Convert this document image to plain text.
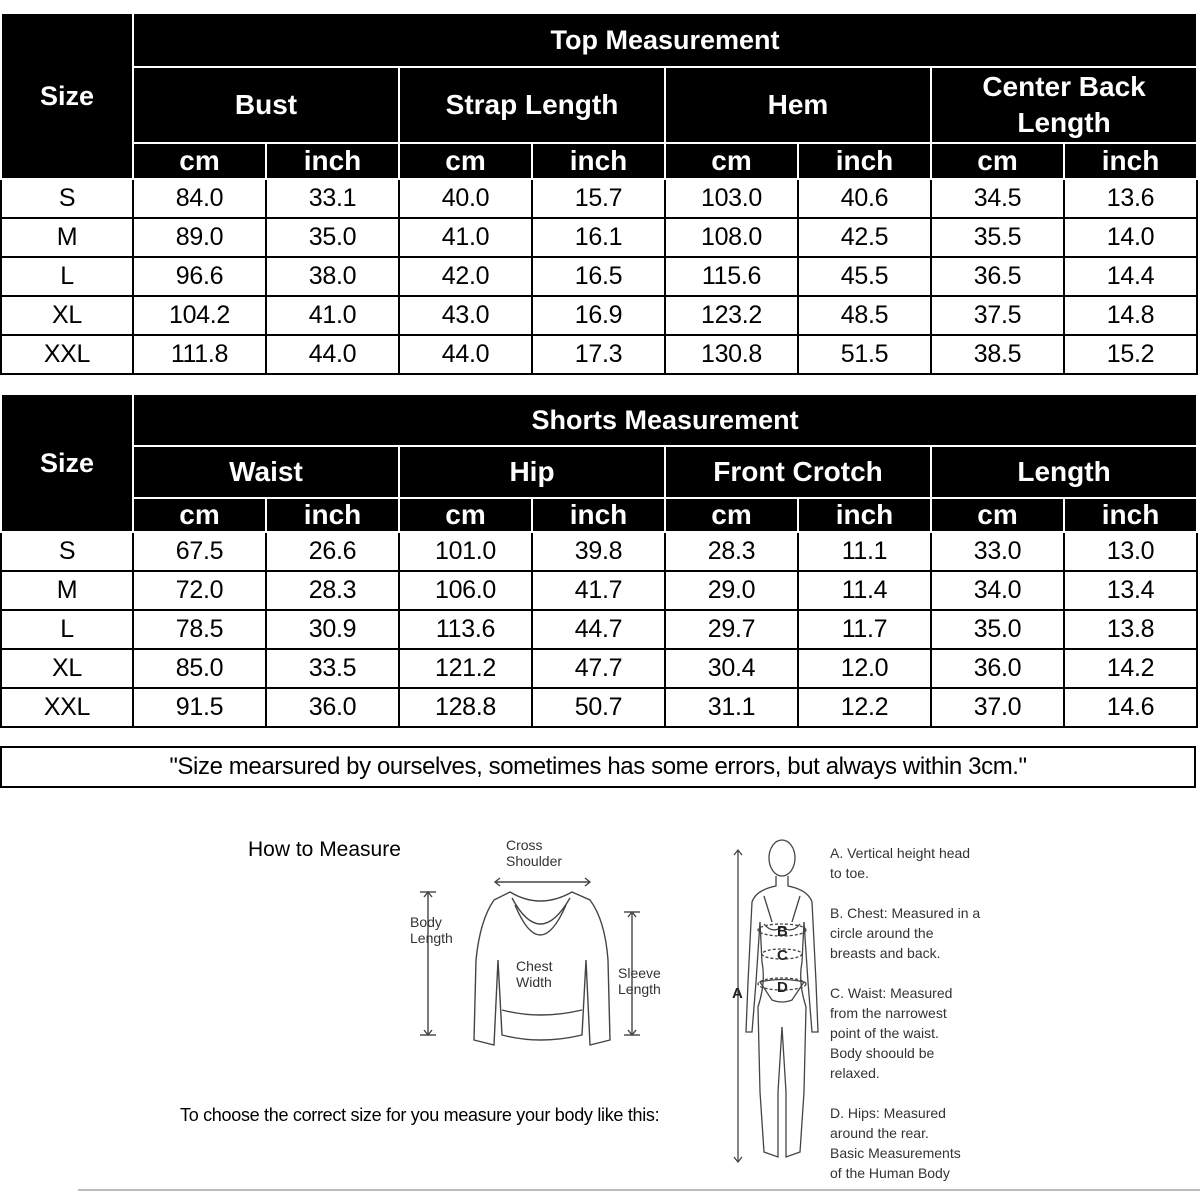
Size	Top Measurement							
	Bust		Strap Length		Hem		Center Back Length	
	cm	inch	cm	inch	cm	inch	cm	inch
S	84.0	33.1	40.0	15.7	103.0	40.6	34.5	13.6
M	89.0	35.0	41.0	16.1	108.0	42.5	35.5	14.0
L	96.6	38.0	42.0	16.5	115.6	45.5	36.5	14.4
XL	104.2	41.0	43.0	16.9	123.2	48.5	37.5	14.8
XXL	111.8	44.0	44.0	17.3	130.8	51.5	38.5	15.2
Size	Shorts Measurement							
	Waist		Hip		Front Crotch		Length	
	cm	inch	cm	inch	cm	inch	cm	inch
S	67.5	26.6	101.0	39.8	28.3	11.1	33.0	13.0
M	72.0	28.3	106.0	41.7	29.0	11.4	34.0	13.4
L	78.5	30.9	113.6	44.7	29.7	11.7	35.0	13.8
XL	85.0	33.5	121.2	47.7	30.4	12.0	36.0	14.2
XXL	91.5	36.0	128.8	50.7	31.1	12.2	37.0	14.6
"Size mearsured by ourselves, sometimes has some errors, but always within 3cm."
How to Measure	Cross
Shoulder
Body
Length
Chest
Width
Sleeve
Length
To choose the correct size for you measure your body like this:
B
C
D
A
A. Vertical height head
to toe.
B. Chest: Measured in a
circle around the
breasts and back.
C. Waist: Measured
from the narrowest
point of the waist.
Body shoould be
relaxed.
D. Hips: Measured
around the rear.
Basic Measurements
of the Human Body
